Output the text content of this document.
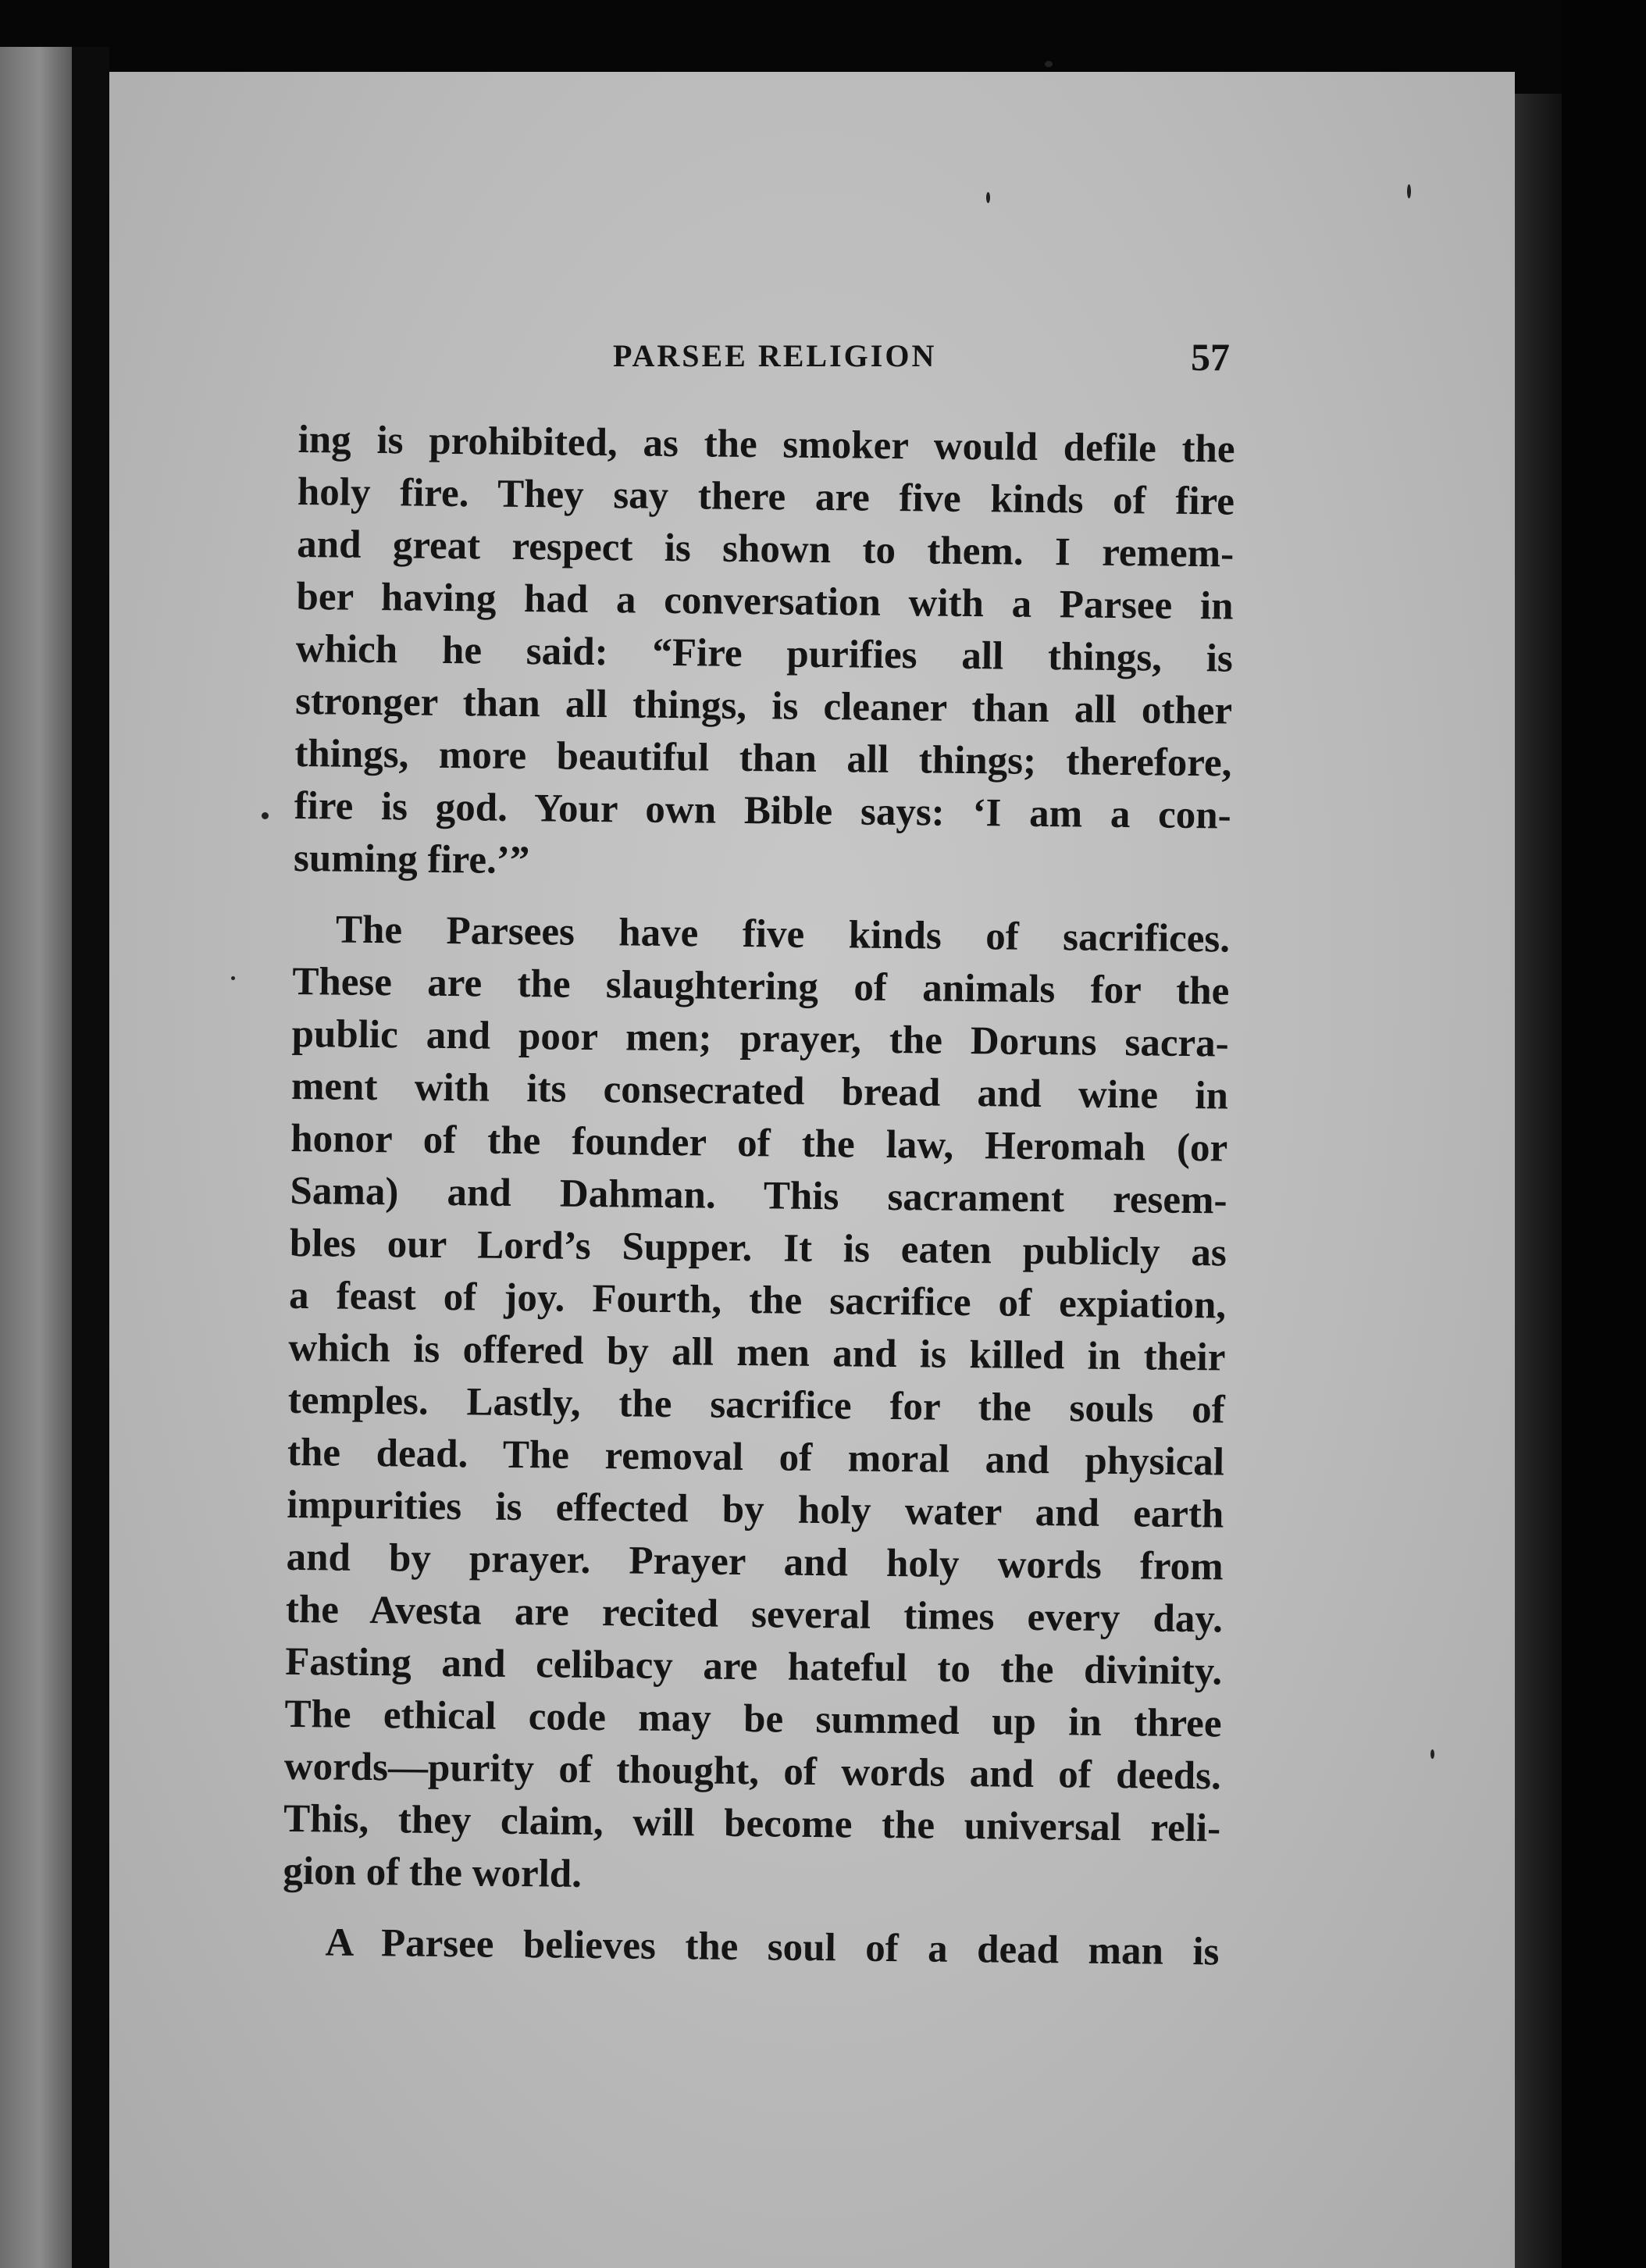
PARSEE RELIGION	57
ing is prohibited, as the smoker would defile the
holy fire. They say there are five kinds of fire
and great respect is shown to them. I remem-
ber having had a conversation with a Parsee in
which he said: “Fire purifies all things, is
stronger than all things, is cleaner than all other
things, more beautiful than all things; therefore,
fire is god. Your own Bible says: ‘I am a con-
suming fire.’”
The Parsees have five kinds of sacrifices.
These are the slaughtering of animals for the
public and poor men; prayer, the Doruns sacra-
ment with its consecrated bread and wine in
honor of the founder of the law, Heromah (or
Sama) and Dahman. This sacrament resem-
bles our Lord’s Supper. It is eaten publicly as
a feast of joy. Fourth, the sacrifice of expiation,
which is offered by all men and is killed in their
temples. Lastly, the sacrifice for the souls of
the dead. The removal of moral and physical
impurities is effected by holy water and earth
and by prayer. Prayer and holy words from
the Avesta are recited several times every day.
Fasting and celibacy are hateful to the divinity.
The ethical code may be summed up in three
words—purity of thought, of words and of deeds.
This, they claim, will become the universal reli-
gion of the world.
A Parsee believes the soul of a dead man is
